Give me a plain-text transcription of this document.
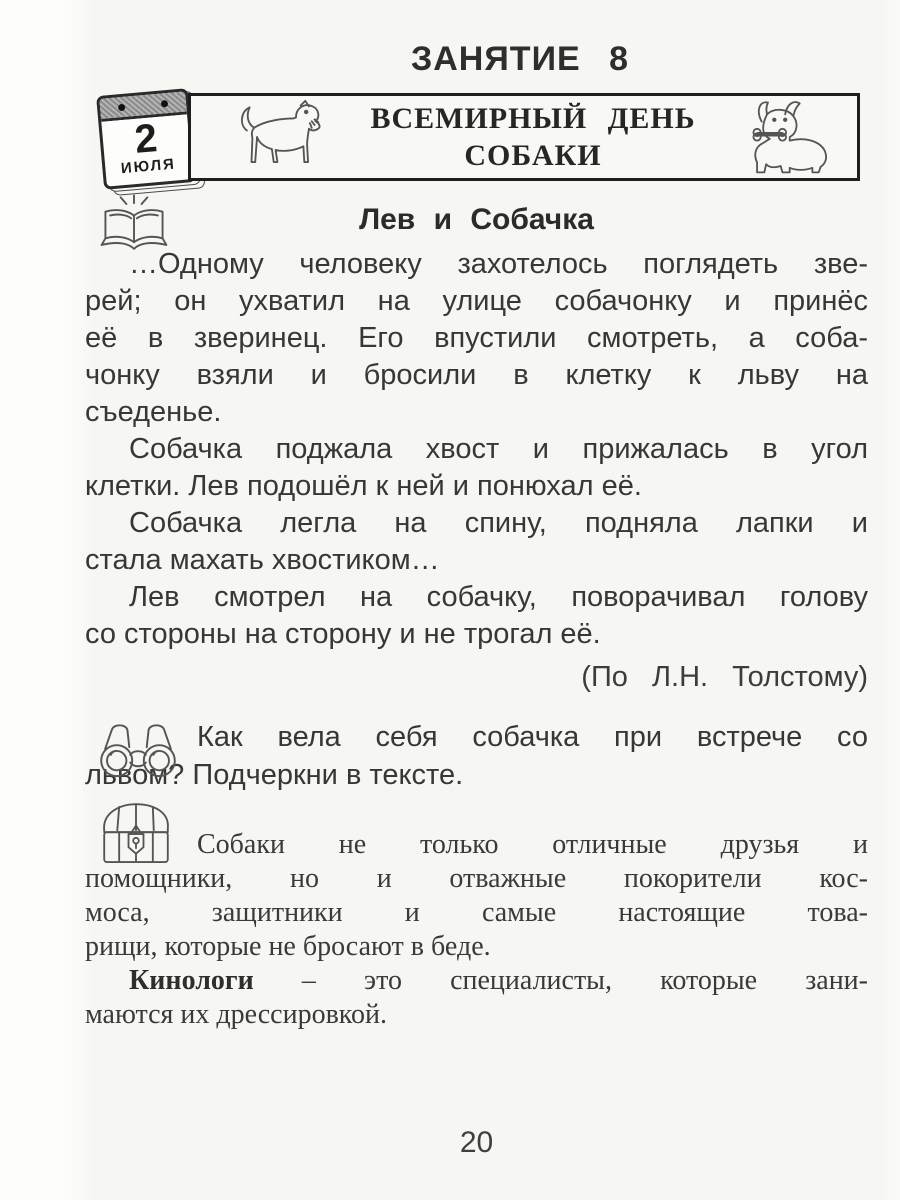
ЗАНЯТИЕ 8
2
ИЮЛЯ
ВСЕМИРНЫЙ ДЕНЬ
СОБАКИ
Лев и Собачка
…Одному человеку захотелось поглядеть зве-
рей; он ухватил на улице собачонку и принёс
её в зверинец. Его впустили смотреть, а соба-
чонку взяли и бросили в клетку к льву на
съеденье.
Собачка поджала хвост и прижалась в угол
клетки. Лев подошёл к ней и понюхал её.
Собачка легла на спину, подняла лапки и
стала махать хвостиком…
Лев смотрел на собачку, поворачивал голову
со стороны на сторону и не трогал её.
(По Л.Н. Толстому)
Как вела себя собачка при встрече со
львом? Подчеркни в тексте.
Собаки не только отличные друзья и
помощники, но и отважные покорители кос-
моса, защитники и самые настоящие това-
рищи, которые не бросают в беде.
Кинологи – это специалисты, которые зани-
маются их дрессировкой.
20
